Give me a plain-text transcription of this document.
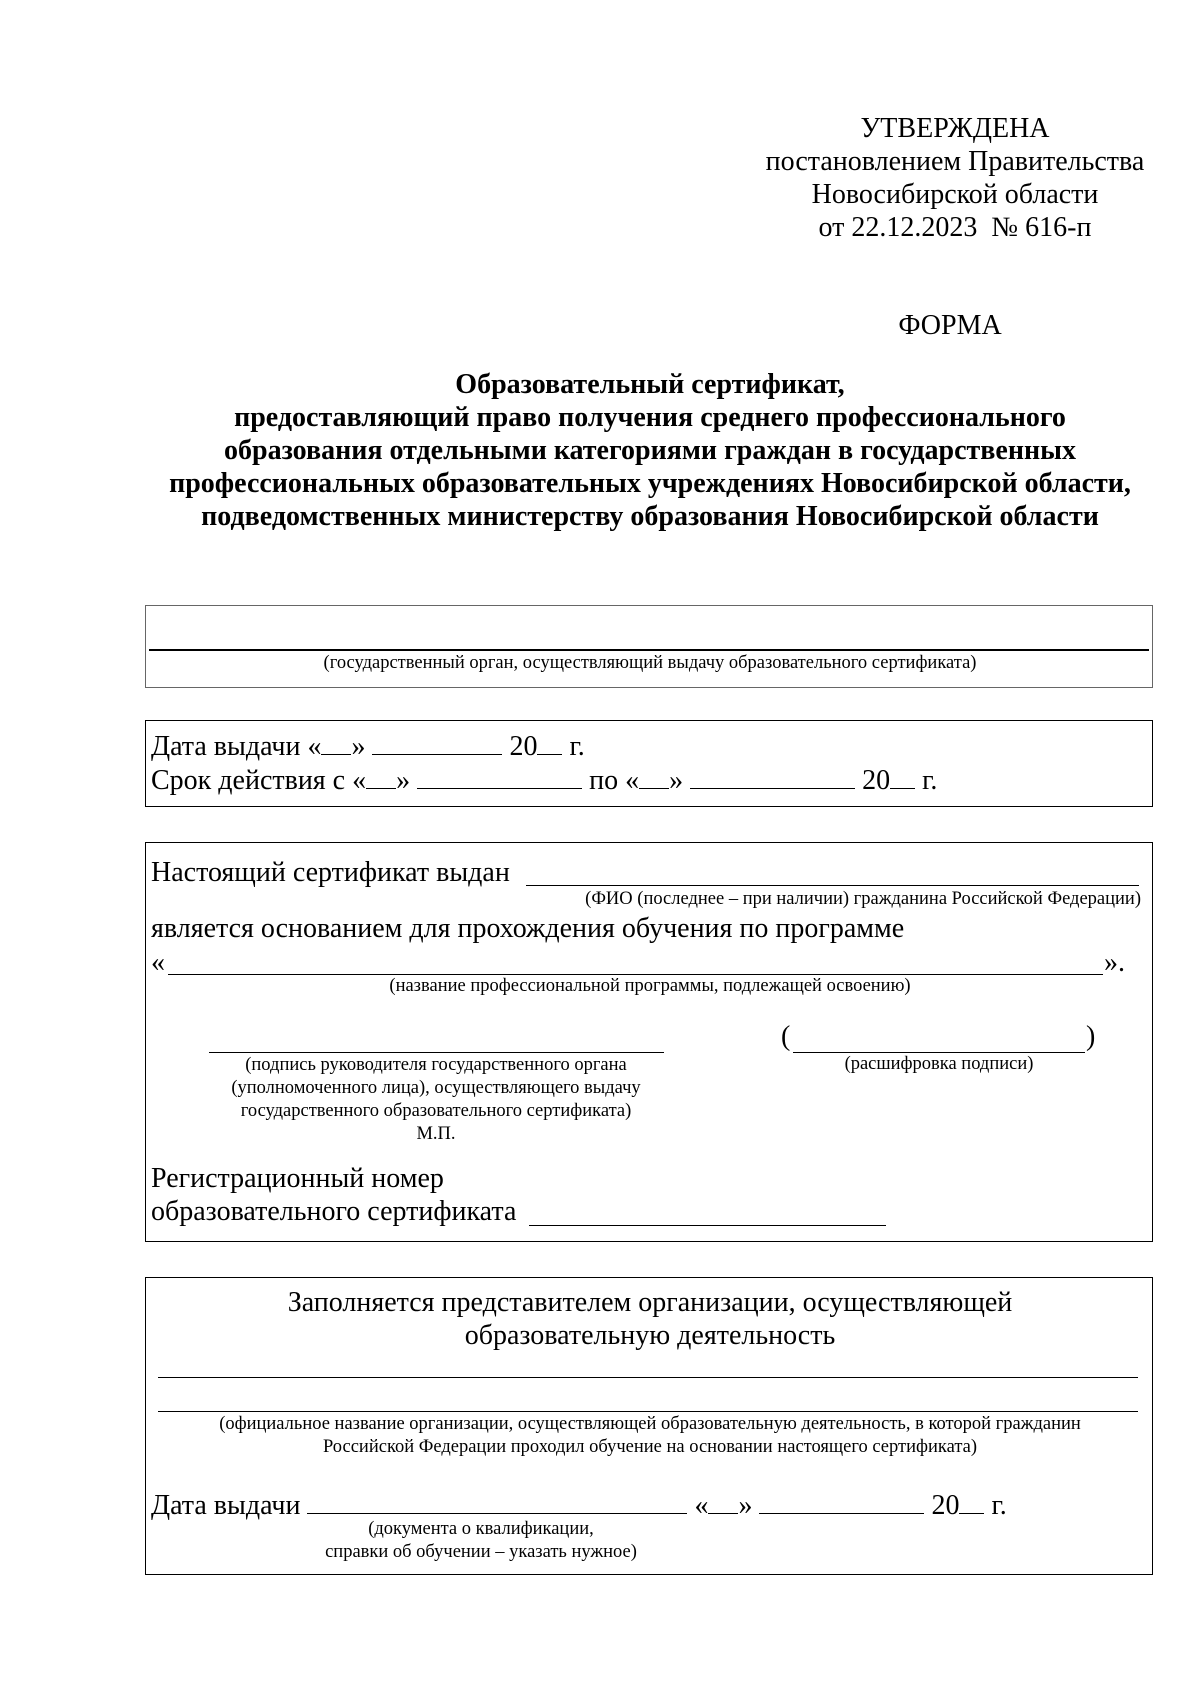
УТВЕРЖДЕНА
постановлением Правительства
Новосибирской области
от 22.12.2023  № 616-п
ФОРМА
Образовательный сертификат,
предоставляющий право получения среднего профессионального
образования отдельными категориями граждан в государственных
профессиональных образовательных учреждениях Новосибирской области,
подведомственных министерству образования Новосибирской области
(государственный орган, осуществляющий выдачу образовательного сертификата)
Дата выдачи « »	20 г.
Срок действия с « »	по « »	20 г.
Настоящий сертификат выдан
(ФИО (последнее – при наличии) гражданина Российской Федерации)
является основанием для прохождения обучения по программе
«	».
(название профессиональной программы, подлежащей освоению)
(подпись руководителя государственного органа
(уполномоченного лица), осуществляющего выдачу
государственного образовательного сертификата)
М.П.
(	)
(расшифровка подписи)
Регистрационный номер
образовательного сертификата
Заполняется представителем организации, осуществляющей
образовательную деятельность
(официальное название организации, осуществляющей образовательную деятельность, в которой гражданин
Российской Федерации проходил обучение на основании настоящего сертификата)
Дата выдачи	« »	20 г.
(документа о квалификации,
справки об обучении – указать нужное)
